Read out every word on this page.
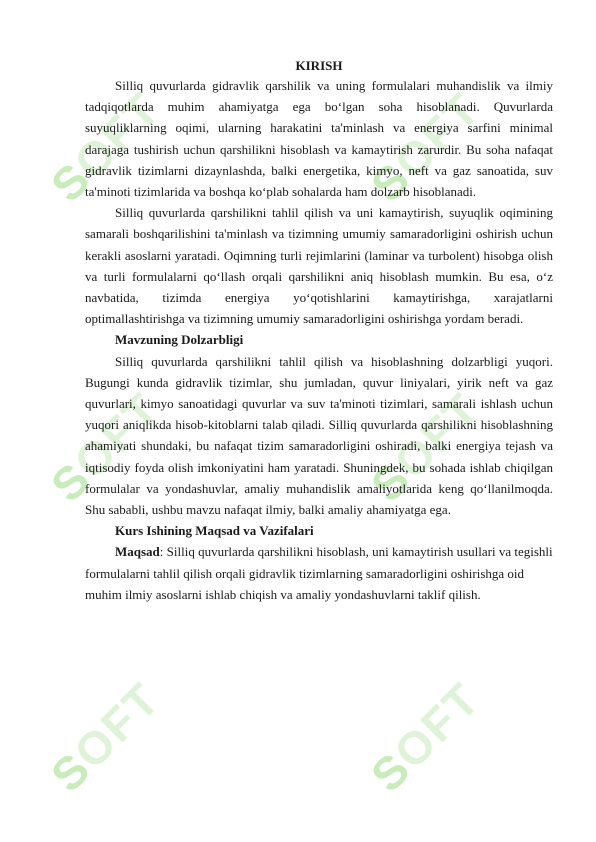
SOFT	SOFT
SOFT	SOFT
SOFT	SOFT
KIRISH

Silliq quvurlarda gidravlik qarshilik va uning formulalari muhandislik va ilmiy tadqiqotlarda muhim ahamiyatga ega bo‘lgan soha hisoblanadi. Quvurlarda suyuqliklarning oqimi, ularning harakatini ta'minlash va energiya sarfini minimal darajaga tushirish uchun qarshilikni hisoblash va kamaytirish zarurdir. Bu soha nafaqat gidravlik tizimlarni dizaynlashda, balki energetika, kimyo, neft va gaz sanoatida, suv ta'minoti tizimlarida va boshqa ko‘plab sohalarda ham dolzarb hisoblanadi.

Silliq quvurlarda qarshilikni tahlil qilish va uni kamaytirish, suyuqlik oqimining samarali boshqarilishini ta'minlash va tizimning umumiy samaradorligini oshirish uchun kerakli asoslarni yaratadi. Oqimning turli rejimlarini (laminar va turbolent) hisobga olish va turli formulalarni qo‘llash orqali qarshilikni aniq hisoblash mumkin. Bu esa, o‘z navbatida, tizimda energiya yo‘qotishlarini kamaytirishga, xarajatlarni optimallashtirishga va tizimning umumiy samaradorligini oshirishga yordam beradi.

Mavzuning Dolzarbligi

Silliq quvurlarda qarshilikni tahlil qilish va hisoblashning dolzarbligi yuqori. Bugungi kunda gidravlik tizimlar, shu jumladan, quvur liniyalari, yirik neft va gaz quvurlari, kimyo sanoatidagi quvurlar va suv ta'minoti tizimlari, samarali ishlash uchun yuqori aniqlikda hisob-kitoblarni talab qiladi. Silliq quvurlarda qarshilikni hisoblashning ahamiyati shundaki, bu nafaqat tizim samaradorligini oshiradi, balki energiya tejash va iqtisodiy foyda olish imkoniyatini ham yaratadi. Shuningdek, bu sohada ishlab chiqilgan formulalar va yondashuvlar, amaliy muhandislik amaliyotlarida keng qo‘llanilmoqda. Shu sababli, ushbu mavzu nafaqat ilmiy, balki amaliy ahamiyatga ega.

Kurs Ishining Maqsad va Vazifalari

Maqsad: Silliq quvurlarda qarshilikni hisoblash, uni kamaytirish usullari va tegishli formulalarni tahlil qilish orqali gidravlik tizimlarning samaradorligini oshirishga oid muhim ilmiy asoslarni ishlab chiqish va amaliy yondashuvlarni taklif qilish.
